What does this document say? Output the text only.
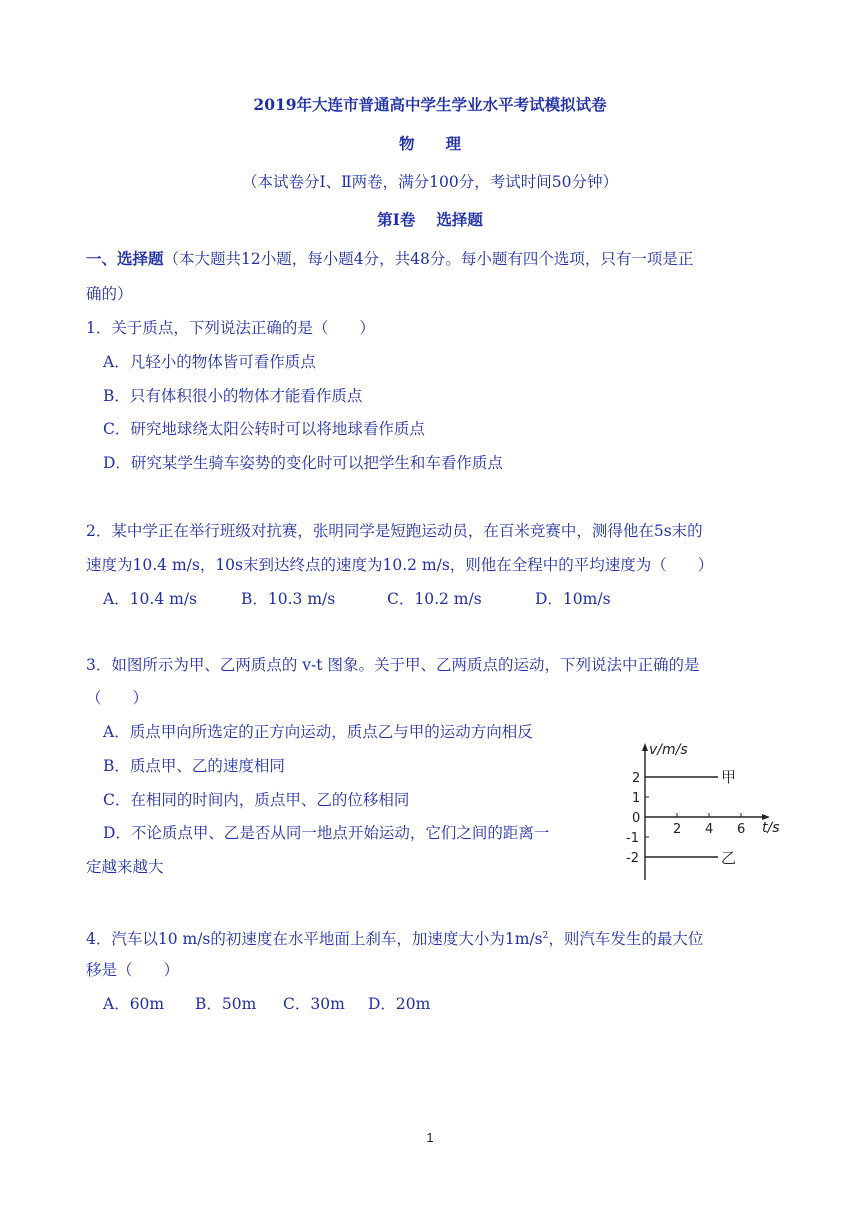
2019年大连市普通高中学生学业水平考试模拟试卷
物　　理
（本试卷分Ⅰ、Ⅱ两卷，满分100分，考试时间50分钟）
第Ⅰ卷　 选择题
一、选择题（本大题共12小题，每小题4分，共48分。每小题有四个选项，只有一项是正
确的）
1．关于质点，下列说法正确的是（　　）
A．凡轻小的物体皆可看作质点
B．只有体积很小的物体才能看作质点
C．研究地球绕太阳公转时可以将地球看作质点
D．研究某学生骑车姿势的变化时可以把学生和车看作质点
2．某中学正在举行班级对抗赛，张明同学是短跑运动员，在百米竞赛中，测得他在5s末的
速度为10.4 m/s，10s末到达终点的速度为10.2 m/s，则他在全程中的平均速度为（　　）
A．10.4 m/s	B．10.3 m/s	C．10.2 m/s	D．10m/s
3．如图所示为甲、乙两质点的 v-t 图象。关于甲、乙两质点的运动，下列说法中正确的是
（　　）
A．质点甲向所选定的正方向运动，质点乙与甲的运动方向相反
B．质点甲、乙的速度相同
C．在相同的时间内，质点甲、乙的位移相同
D．不论质点甲、乙是否从同一地点开始运动，它们之间的距离一
定越来越大
v/m/s
t/s
2
1
0
-1
-2
2 4 6
甲
乙
4．汽车以10 m/s的初速度在水平地面上刹车，加速度大小为$1m/s^2$，则汽车发生的最大位
移是（　　）
A．60m B．50m C．30m D．20m
1
